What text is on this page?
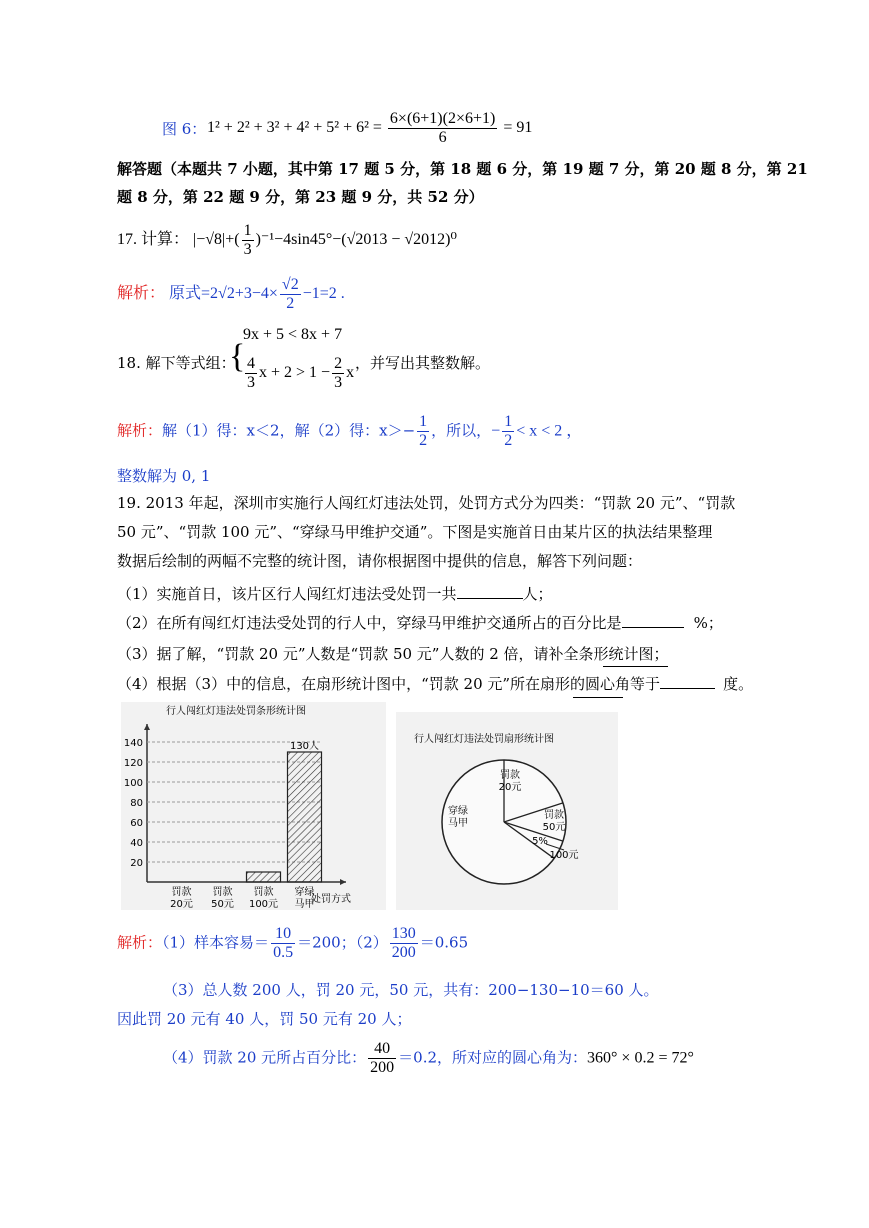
图 6： $1^2 + 2^2 + 3^2 + 4^2 + 5^2 + 6^2 = \frac{6\times(6+1)(2\times 6+1)}{6} = 91$
解答题（本题共 7 小题，其中第 17 题 5 分，第 18 题 6 分，第 19 题 7 分，第 20 题 8 分，第 21
题 8 分，第 22 题 9 分，第 23 题 9 分，共 52 分）
17. 计算： $|-√8|+( \frac{1}{3} )^{-1}-4\sin 45^\circ-(√2013 - √2012)^0$
解析： 原式$=2√2+3-4\times \frac{√2}{2} -1=2$ .
18. 解下等式组：
{
9x + 5 < 8x + 7
$\frac{4}{3}$ $x + 2 > 1 - \frac{2}{3}$ x
，并写出其整数解。
解析：解（1）得：x＜2，解（2）得：$x>- \frac{1}{2}$ ，所以，− $\frac{1}{2} < x < 2$ ，
整数解为 0, 1
19. 2013 年起，深圳市实施行人闯红灯违法处罚，处罚方式分为四类：“罚款 20 元”、“罚款
50 元”、“罚款 100 元”、“穿绿马甲维护交通”。下图是实施首日由某片区的执法结果整理
数据后绘制的两幅不完整的统计图，请你根据图中提供的信息，解答下列问题：
（1）实施首日，该片区行人闯红灯违法受处罚一共	人；
（2）在所有闯红灯违法受处罚的行人中，穿绿马甲维护交通所占的百分比是	%；
（3）据了解，“罚款 20 元”人数是“罚款 50 元”人数的 2 倍，请补全条形统计图；
（4）根据（3）中的信息，在扇形统计图中，“罚款 20 元”所在扇形的圆心角等于	度。
行人闯红灯违法处罚条形统计图
20
40
60
80
100
120
140
罚款
20元
罚款
50元
罚款
100元
穿绿
马甲
130人
处罚方式
行人闯红灯违法处罚扇形统计图
罚款
20元
罚款
50元
100元
穿绿
马甲
5%
解析：（1）样本容易＝ $\frac{10}{0.5} =200$；$(2) \frac{130}{200} =0.65$
（3）总人数 200 人，罚 20 元，50 元，共有：200−130−10＝60 人。
因此罚 20 元有 40 人，罚 50 元有 20 人；
（4）罚款 20 元所占百分比： $\frac{40}{200} =0.2$，所对应的圆心角为：360° × 0.2 = 72°
